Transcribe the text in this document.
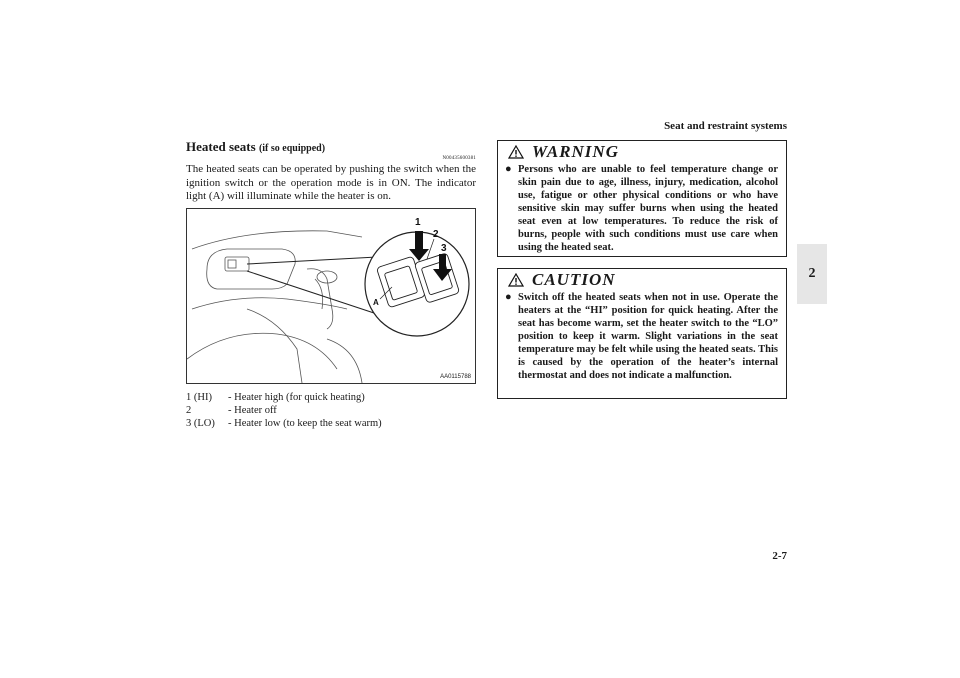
Seat and restraint systems
2
Heated seats (if so equipped)
N00435600381
The heated seats can be operated by pushing the switch when the ignition switch or the operation mode is in ON. The indicator light (A) will illuminate while the heater is on.
1
2
3
A
AA0115788
1 (HI)	- Heater high (for quick heating)
2	- Heater off
3 (LO)	- Heater low (to keep the seat warm)
WARNING
● Persons who are unable to feel temperature change or skin pain due to age, illness, injury, medication, alcohol use, fatigue or other physical conditions or who have sensitive skin may suffer burns when using the heated seat even at low temperatures. To reduce the risk of burns, people with such conditions must use care when using the heated seat.
CAUTION
● Switch off the heated seats when not in use. Operate the heaters at the “HI” position for quick heating. After the seat has become warm, set the heater switch to the “LO” position to keep it warm. Slight variations in the seat temperature may be felt while using the heated seats. This is caused by the operation of the heater’s internal thermostat and does not indicate a malfunction.
2-7
